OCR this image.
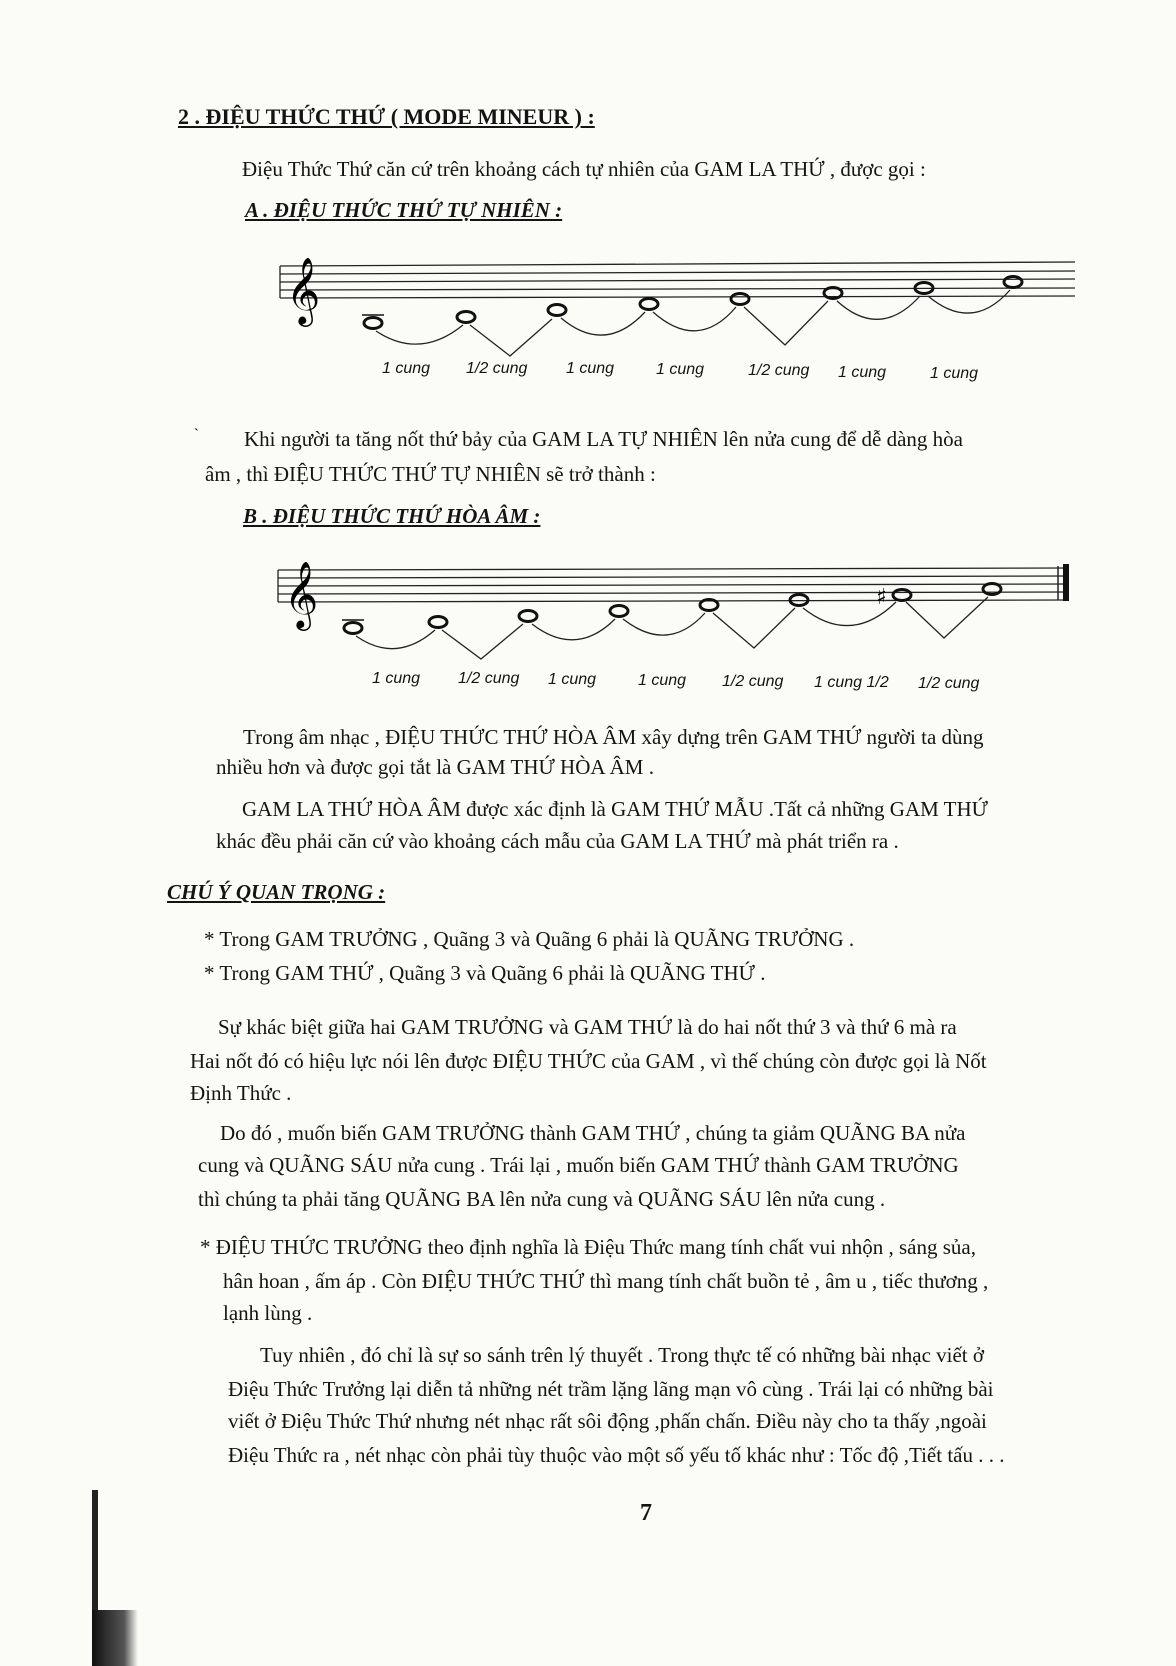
2 . ĐIỆU THỨC THỨ ( MODE MINEUR ) :
Điệu Thức Thứ căn cứ trên khoảng cách tự nhiên của GAM LA THỨ , được gọi :
A . ĐIỆU THỨC THỨ TỰ NHIÊN :
𝄞
1 cung 1/2 cung 1 cung	1 cung	1/2 cung 1 cung	1 cung
` Khi người ta tăng nốt thứ bảy của GAM LA TỰ NHIÊN lên nửa cung để dễ dàng hòa
âm , thì ĐIỆU THỨC THỨ TỰ NHIÊN sẽ trở thành :
B . ĐIỆU THỨC THỨ HÒA ÂM :
𝄞	♯
1 cung 1/2 cung 1 cung	1 cung 1/2 cung 1 cung 1/2 1/2 cung
Trong âm nhạc , ĐIỆU THỨC THỨ HÒA ÂM xây dựng trên GAM THỨ người ta dùng
nhiều hơn và được gọi tắt là GAM THỨ HÒA ÂM .
GAM LA THỨ HÒA ÂM được xác định là GAM THỨ MẪU .Tất cả những GAM THỨ
khác đều phải căn cứ vào khoảng cách mẫu của GAM LA THỨ mà phát triển ra .
CHÚ Ý QUAN TRỌNG :
* Trong GAM TRƯỞNG , Quãng 3 và Quãng 6 phải là QUÃNG TRƯỞNG .
* Trong GAM THỨ , Quãng 3 và Quãng 6 phải là QUÃNG THỨ .
Sự khác biệt giữa hai GAM TRƯỞNG và GAM THỨ là do hai nốt thứ 3 và thứ 6 mà ra
Hai nốt đó có hiệu lực nói lên được ĐIỆU THỨC của GAM , vì thế chúng còn được gọi là Nốt
Định Thức .
Do đó , muốn biến GAM TRƯỞNG thành GAM THỨ , chúng ta giảm QUÃNG BA nửa
cung và QUÃNG SÁU nửa cung . Trái lại , muốn biến GAM THỨ thành GAM TRƯỞNG
thì chúng ta phải tăng QUÃNG BA lên nửa cung và QUÃNG SÁU lên nửa cung .
* ĐIỆU THỨC TRƯỞNG theo định nghĩa là Điệu Thức mang tính chất vui nhộn , sáng sủa,
hân hoan , ấm áp . Còn ĐIỆU THỨC THỨ thì mang tính chất buồn tẻ , âm u , tiếc thương ,
lạnh lùng .
Tuy nhiên , đó chỉ là sự so sánh trên lý thuyết . Trong thực tế có những bài nhạc viết ở
Điệu Thức Trưởng lại diễn tả những nét trầm lặng lãng mạn vô cùng . Trái lại có những bài
viết ở Điệu Thức Thứ nhưng nét nhạc rất sôi động ,phấn chấn. Điều này cho ta thấy ,ngoài
Điệu Thức ra , nét nhạc còn phải tùy thuộc vào một số yếu tố khác như : Tốc độ ,Tiết tấu . . .
7
